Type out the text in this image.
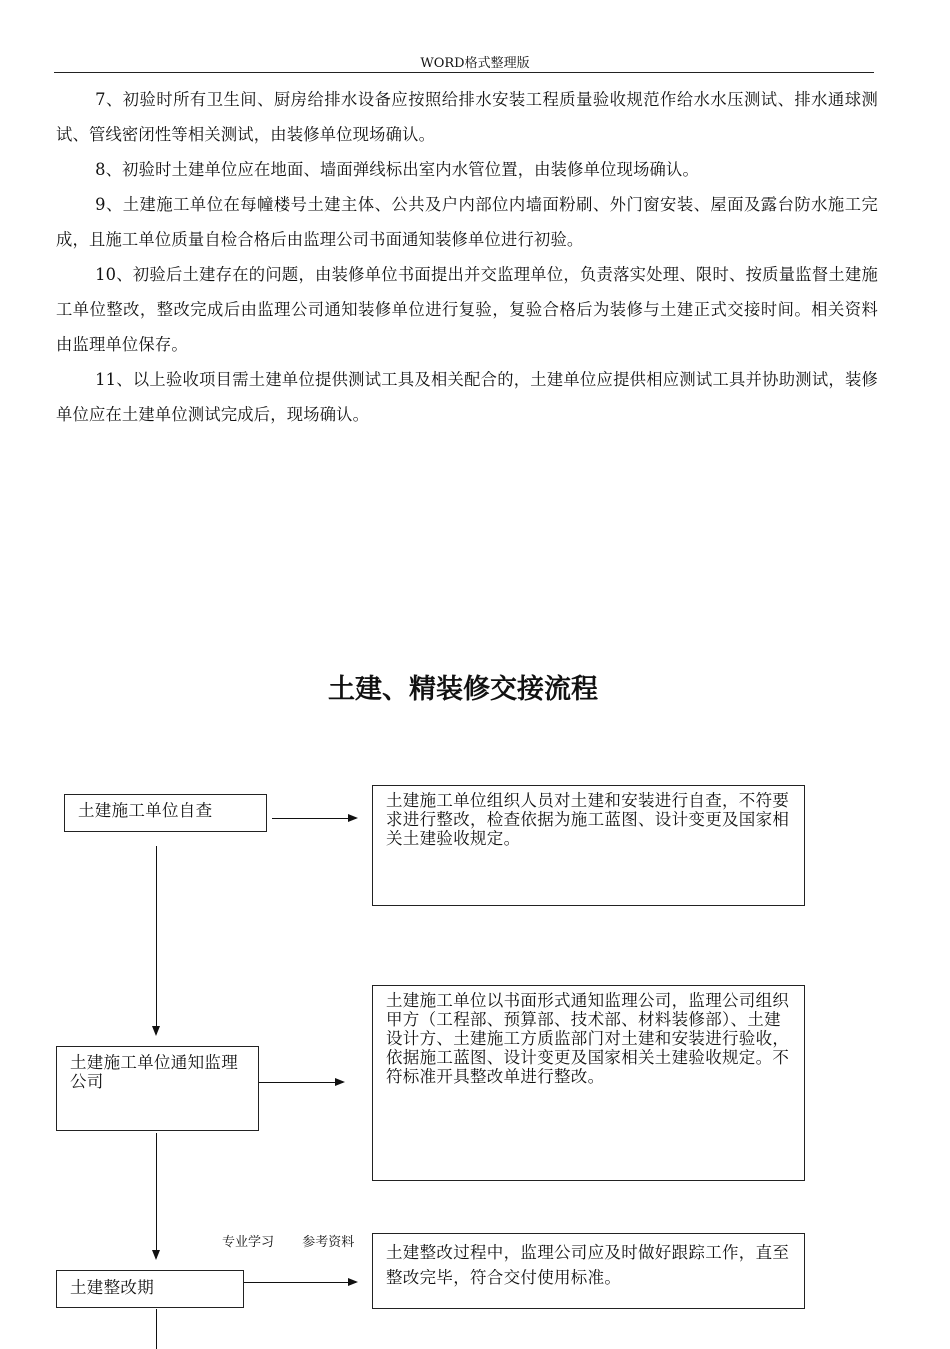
WORD格式整理版

7、初验时所有卫生间、厨房给排水设备应按照给排水安装工程质量验收规范作给水水压测试、排水通球测试、管线密闭性等相关测试，由装修单位现场确认。

8、初验时土建单位应在地面、墙面弹线标出室内水管位置，由装修单位现场确认。

9、土建施工单位在每幢楼号土建主体、公共及户内部位内墙面粉刷、外门窗安装、屋面及露台防水施工完成，且施工单位质量自检合格后由监理公司书面通知装修单位进行初验。

10、初验后土建存在的问题，由装修单位书面提出并交监理单位，负责落实处理、限时、按质量监督土建施工单位整改，整改完成后由监理公司通知装修单位进行复验，复验合格后为装修与土建正式交接时间。相关资料由监理单位保存。

11、以上验收项目需土建单位提供测试工具及相关配合的，土建单位应提供相应测试工具并协助测试，装修单位应在土建单位测试完成后，现场确认。

土建、精装修交接流程
土建施工单位自查
土建施工单位组织人员对土建和安装进行自查，不符要求进行整改，检查依据为施工蓝图、设计变更及国家相关土建验收规定。
土建施工单位通知监理公司
土建施工单位以书面形式通知监理公司，监理公司组织甲方（工程部、预算部、技术部、材料装修部）、土建设计方、土建施工方质监部门对土建和安装进行验收，依据施工蓝图、设计变更及国家相关土建验收规定。不符标准开具整改单进行整改。
专业学习 参考资料
土建整改期
土建整改过程中，监理公司应及时做好跟踪工作，直至整改完毕，符合交付使用标准。
